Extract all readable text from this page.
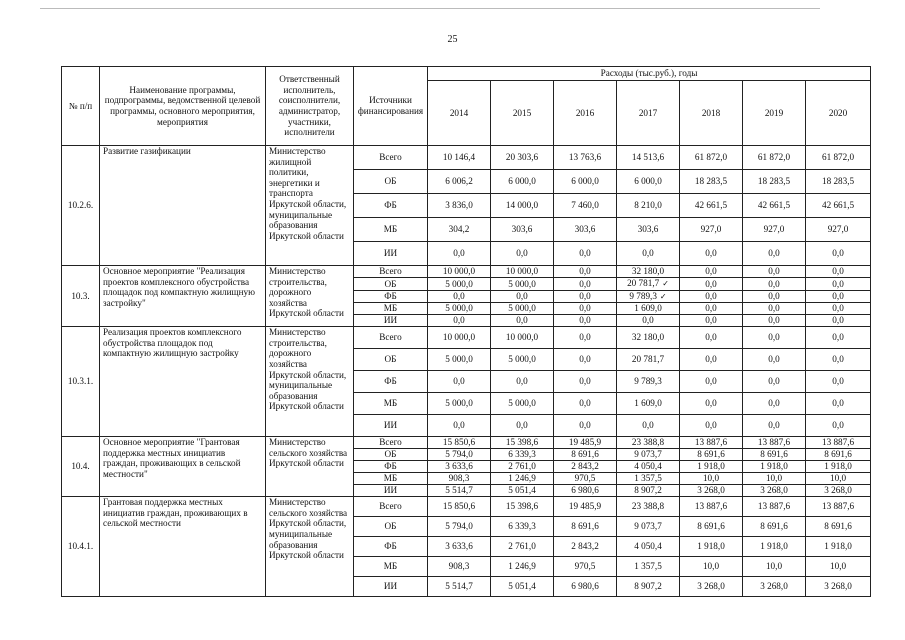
25
№ п/п	Наименование программы, подпрограммы, ведомственной целевой программы, основного мероприятия, мероприятия	Ответственный исполнитель, соисполнители, администратор, участники, исполнители	Источники финансирования	Расходы (тыс.руб.), годы						
				2014	2015	2016	2017	2018	2019	2020
10.2.6.	Развитие газификации	Министерство жилищной политики, энергетики и транспорта Иркутской области, муниципальные образования Иркутской области	Всего	10 146,4	20 303,6	13 763,6	14 513,6	61 872,0	61 872,0	61 872,0
			ОБ	6 006,2	6 000,0	6 000,0	6 000,0	18 283,5	18 283,5	18 283,5
			ФБ	3 836,0	14 000,0	7 460,0	8 210,0	42 661,5	42 661,5	42 661,5
			МБ	304,2	303,6	303,6	303,6	927,0	927,0	927,0
			ИИ	0,0	0,0	0,0	0,0	0,0	0,0	0,0
10.3.	Основное мероприятие "Реализация проектов комплексного обустройства площадок под компактную жилищную застройку"	Министерство строительства, дорожного хозяйства Иркутской области	Всего	10 000,0	10 000,0	0,0	32 180,0	0,0	0,0	0,0
			ОБ	5 000,0	5 000,0	0,0	20 781,7 ✓	0,0	0,0	0,0
			ФБ	0,0	0,0	0,0	9 789,3 ✓	0,0	0,0	0,0
			МБ	5 000,0	5 000,0	0,0	1 609,0	0,0	0,0	0,0
			ИИ	0,0	0,0	0,0	0,0	0,0	0,0	0,0
10.3.1.	Реализация проектов комплексного обустройства площадок под компактную жилищную застройку	Министерство строительства, дорожного хозяйства Иркутской области, муниципальные образования Иркутской области	Всего	10 000,0	10 000,0	0,0	32 180,0	0,0	0,0	0,0
			ОБ	5 000,0	5 000,0	0,0	20 781,7	0,0	0,0	0,0
			ФБ	0,0	0,0	0,0	9 789,3	0,0	0,0	0,0
			МБ	5 000,0	5 000,0	0,0	1 609,0	0,0	0,0	0,0
			ИИ	0,0	0,0	0,0	0,0	0,0	0,0	0,0
10.4.	Основное мероприятие "Грантовая поддержка местных инициатив граждан, проживающих в сельской местности"	Министерство сельского хозяйства Иркутской области	Всего	15 850,6	15 398,6	19 485,9	23 388,8	13 887,6	13 887,6	13 887,6
			ОБ	5 794,0	6 339,3	8 691,6	9 073,7	8 691,6	8 691,6	8 691,6
			ФБ	3 633,6	2 761,0	2 843,2	4 050,4	1 918,0	1 918,0	1 918,0
			МБ	908,3	1 246,9	970,5	1 357,5	10,0	10,0	10,0
			ИИ	5 514,7	5 051,4	6 980,6	8 907,2	3 268,0	3 268,0	3 268,0
10.4.1.	Грантовая поддержка местных инициатив граждан, проживающих в сельской местности	Министерство сельского хозяйства Иркутской области, муниципальные образования Иркутской области	Всего	15 850,6	15 398,6	19 485,9	23 388,8	13 887,6	13 887,6	13 887,6
			ОБ	5 794,0	6 339,3	8 691,6	9 073,7	8 691,6	8 691,6	8 691,6
			ФБ	3 633,6	2 761,0	2 843,2	4 050,4	1 918,0	1 918,0	1 918,0
			МБ	908,3	1 246,9	970,5	1 357,5	10,0	10,0	10,0
			ИИ	5 514,7	5 051,4	6 980,6	8 907,2	3 268,0	3 268,0	3 268,0
